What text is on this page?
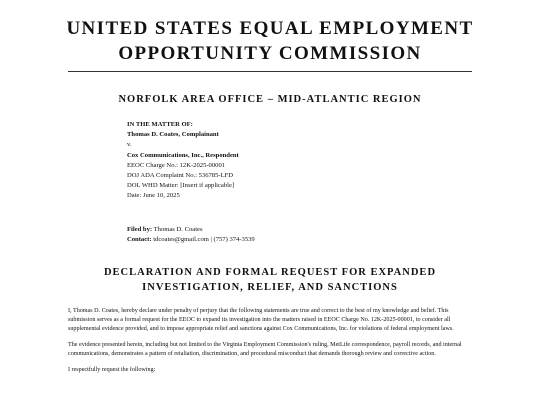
UNITED STATES EQUAL EMPLOYMENT
OPPORTUNITY COMMISSION
NORFOLK AREA OFFICE – MID-ATLANTIC REGION
IN THE MATTER OF:
Thomas D. Coates, Complainant
v.
Cox Communications, Inc., Respondent
EEOC Charge No.: 12K-2025-00001
DOJ ADA Complaint No.: 536785-LFD
DOL WHD Matter: [Insert if applicable]
Date: June 10, 2025
Filed by: Thomas D. Coates
Contact: tdcoates@gmail.com | (757) 374-3539
DECLARATION AND FORMAL REQUEST FOR EXPANDED
INVESTIGATION, RELIEF, AND SANCTIONS

I, Thomas D. Coates, hereby declare under penalty of perjury that the following statements are true and correct to the best of my knowledge and belief. This submission serves as a formal request for the EEOC to expand its investigation into the matters raised in EEOC Charge No. 12K-2025-00001, to consider all supplemental evidence provided, and to impose appropriate relief and sanctions against Cox Communications, Inc. for violations of federal employment laws.

The evidence presented herein, including but not limited to the Virginia Employment Commission's ruling, MetLife correspondence, payroll records, and internal communications, demonstrates a pattern of retaliation, discrimination, and procedural misconduct that demands thorough review and corrective action.

I respectfully request the following:
